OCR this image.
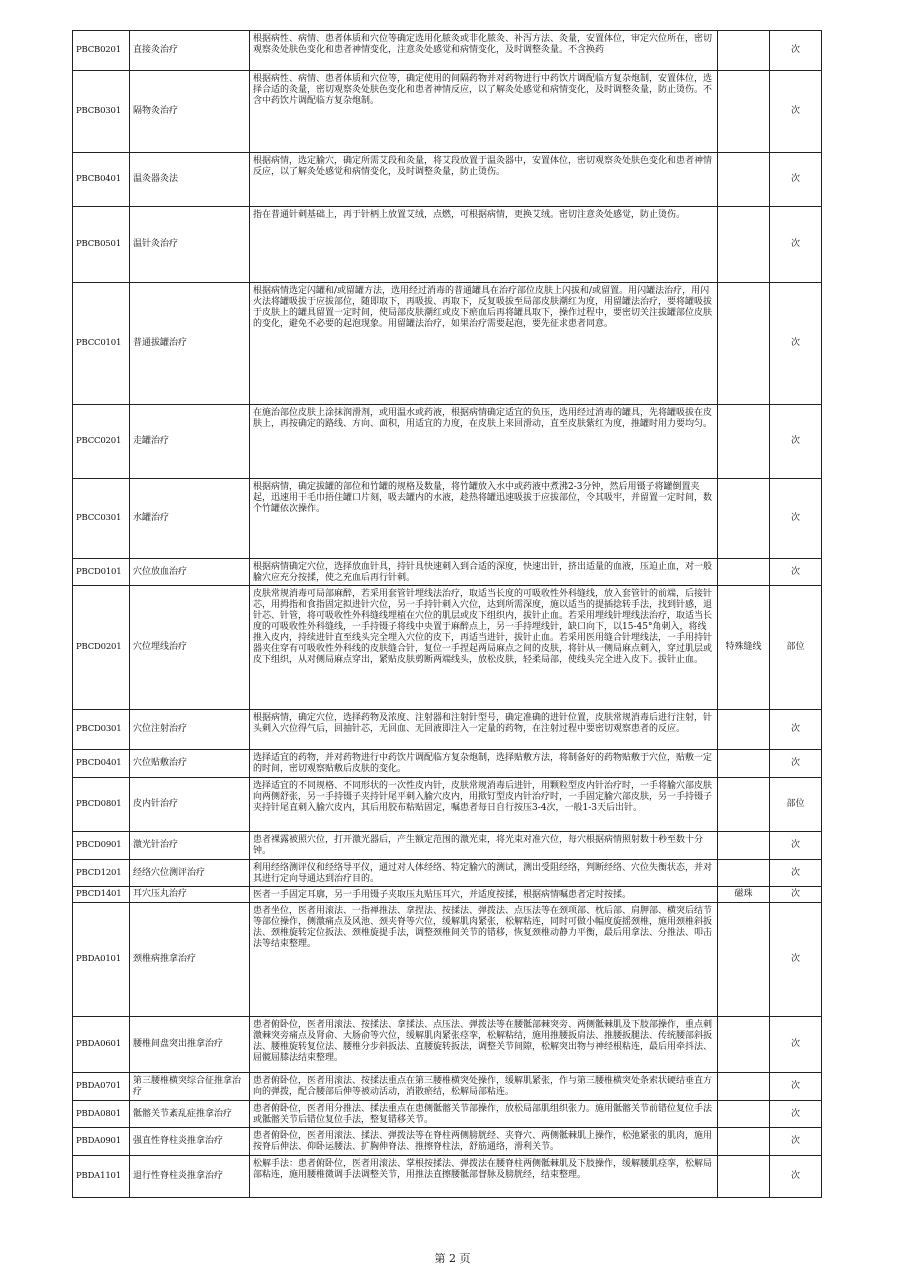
PBCB0201	直接灸治疗	根据病性、病情、患者体质和穴位等确定选用化脓灸或非化脓灸、补泻方法、灸量，安置体位，审定穴位所在，密切观察灸处肤色变化和患者神情变化，注意灸处感觉和病情变化，及时调整灸量。不含换药		次
PBCB0301	隔物灸治疗	根据病性、病情、患者体质和穴位等，确定使用的间隔药物并对药物进行中药饮片调配临方复杂炮制，安置体位，选择合适的灸量，密切观察灸处肤色变化和患者神情反应，以了解灸处感觉和病情变化，及时调整灸量，防止烫伤。不含中药饮片调配临方复杂炮制。		次
PBCB0401	温灸器灸法	根据病情，选定腧穴，确定所需艾段和灸量，将艾段放置于温灸器中，安置体位，密切观察灸处肤色变化和患者神情反应，以了解灸处感觉和病情变化，及时调整灸量，防止烫伤。		次
PBCB0501	温针灸治疗	指在普通针刺基础上，再于针柄上放置艾绒，点燃，可根据病情，更换艾绒。密切注意灸处感觉，防止烫伤。		次
PBCC0101	普通拔罐治疗	根据病情选定闪罐和/或留罐方法，选用经过消毒的普通罐具在治疗部位皮肤上闪拔和/或留置。用闪罐法治疗，用闪火法将罐吸拔于应拔部位，随即取下，再吸拔、再取下，反复吸拔至局部皮肤潮红为度，用留罐法治疗，要将罐吸拔于皮肤上的罐具留置一定时间，使局部皮肤潮红或皮下瘀血后再将罐具取下，操作过程中，要密切关注拔罐部位皮肤的变化，避免不必要的起泡现象。用留罐法治疗，如果治疗需要起泡，要先征求患者同意。		次
PBCC0201	走罐治疗	在施治部位皮肤上涂抹润滑剂，或用温水或药液，根据病情确定适宜的负压，选用经过消毒的罐具，先将罐吸拔在皮肤上，再按确定的路线、方向、面积，用适宜的力度，在皮肤上来回滑动，直至皮肤紫红为度，推罐时用力要均匀。		次
PBCC0301	水罐治疗	根据病情，确定拔罐的部位和竹罐的规格及数量，将竹罐放入水中或药液中煮沸2-3分钟，然后用镊子将罐倒置夹起，迅速用干毛巾捂住罐口片刻，吸去罐内的水液，趁热将罐迅速吸拔于应拔部位，令其吸牢，并留置一定时间，数个竹罐依次操作。		次
PBCD0101	穴位放血治疗	根据病情确定穴位，选择放血针具，持针具快速刺入到合适的深度，快速出针，挤出适量的血液，压迫止血，对一般腧穴应充分按揉，使之充血后再行针刺。		次
PBCD0201	穴位埋线治疗	皮肤常规消毒可局部麻醉，若采用套管针埋线法治疗，取适当长度的可吸收性外科缝线，放入套管针的前端，后接针芯，用拇指和食指固定拟进针穴位，另一手持针刺入穴位，达到所需深度，施以适当的提插捻转手法，找到针感，退针芯、针管，将可吸收性外科缝线埋植在穴位的肌层或皮下组织内，拔针止血。若采用埋线针埋线法治疗，取适当长度的可吸收性外科缝线，一手持镊子将线中央置于麻醉点上，另一手持埋线针，缺口向下，以15-45°角刺入，将线推入皮内，持续进针直至线头完全埋入穴位的皮下，再适当进针，拔针止血。若采用医用缝合针埋线法，一手用持针器夹住穿有可吸收性外科线的皮肤缝合针，复位一手捏起两局麻点之间的皮肤，将针从一侧局麻点刺入，穿过肌层或皮下组织，从对侧局麻点穿出，紧贴皮肤剪断两端线头，放松皮肤，轻柔局部，使线头完全进入皮下。拔针止血。	特殊缝线	部位
PBCD0301	穴位注射治疗	根据病情，确定穴位，选择药物及浓度、注射器和注射针型号，确定准确的进针位置，皮肤常规消毒后进行注射，针头刺入穴位得气后，回抽针芯，无回血、无回液即注入一定量的药物，在注射过程中要密切观察患者的反应。		次
PBCD0401	穴位贴敷治疗	选择适宜的药物，并对药物进行中药饮片调配临方复杂炮制，选择贴敷方法，将制备好的药物贴敷于穴位，贴敷一定的时间，密切观察贴敷后皮肤的变化。		次
PBCD0801	皮内针治疗	选择适宜的不同规格、不同形状的一次性皮内针，皮肤常规消毒后进针，用颗粒型皮内针治疗时，一手将腧穴部皮肤向两侧舒张，另一手持镊子夹持针尾平刺入腧穴皮内，用揿钉型皮内针治疗时，一手固定腧穴部皮肤，另一手持镊子夹持针尾直刺入腧穴皮内，其后用胶布粘贴固定，嘱患者每日自行按压3-4次，一般1-3天后出针。		部位
PBCD0901	激光针治疗	患者裸露被照穴位，打开激光器后，产生额定范围的激光束，将光束对准穴位，每穴根据病情照射数十秒至数十分钟。		次
PBCD1201	经络穴位测评治疗	利用经络测评仪和经络导平仪，通过对人体经络、特定腧穴的测试，测出受阻经络，判断经络、穴位失衡状态，并对其进行定向导通达到治疗目的。		次
PBCD1401	耳穴压丸治疗	医者一手固定耳廓，另一手用镊子夹取压丸贴压耳穴，并适度按揉，根据病情嘱患者定时按揉。	磁珠	次
PBDA0101	颈椎病推拿治疗	患者坐位，医者用滚法、一指禅推法、拿捏法、按揉法、弹拨法、点压法等在颈项部、枕后部、肩胛部、横突后结节等部位操作，侧激痛点及风池、颈夹脊等穴位，缓解肌肉紧张，松解粘连，同时可做小幅度旋摇颈椎，施用颈椎斜扳法、颈椎旋转定位扳法、颈椎旋提手法，调整颈椎间关节的错移，恢复颈椎动静力平衡，最后用拿法、分推法、叩击法等结束整理。		次
PBDA0601	腰椎间盘突出推拿治疗	患者俯卧位，医者用滚法、按揉法、拿揉法、点压法、弹拨法等在腰骶部棘突旁、两侧骶棘肌及下肢部操作，重点刺激棘突旁痛点及肾俞、大肠俞等穴位，缓解肌肉紧张痉挛，松解粘结，施用推腰扳肩法、推腰扳腿法、传统腰部斜扳法、腰椎旋转复位法、腰椎分步斜扳法、直腰旋转扳法，调整关节间隙，松解突出物与神经根粘连，最后用牵抖法、屈髋屈膝法结束整理。		次
PBDA0701	第三腰椎横突综合征推拿治疗	患者俯卧位，医者用滚法、按揉法重点在第三腰椎横突处操作，缓解肌紧张，作与第三腰椎横突处条索状硬结垂直方向的弹拨，配合腰部后伸等被动活动，消散瘀结，松解局部粘连。		次
PBDA0801	骶髂关节紊乱症推拿治疗	患者俯卧位，医者用分推法、揉法重点在患侧骶髂关节部操作，放松局部肌组织张力。施用骶髂关节前错位复位手法或骶髂关节后错位复位手法，整复错移关节。		次
PBDA0901	强直性脊柱炎推拿治疗	患者俯卧位，医者用滚法、揉法、弹拨法等在脊柱两侧膀胱经、夹脊穴、两侧骶棘肌上操作，松弛紧张的肌肉，施用按脊后伸法、仰卧运腰法、扩胸伸脊法、推擦脊柱法，舒筋通络，滑利关节。		次
PBDA1101	退行性脊柱炎推拿治疗	松解手法：患者俯卧位，医者用滚法、掌根按揉法、弹拨法在腰脊柱两侧骶棘肌及下肢操作，缓解腰肌痉挛，松解局部粘连，施用腰椎微调手法调整关节，用推法直擦腰骶部督脉及膀胱经，结束整理。		次
第 2 页
